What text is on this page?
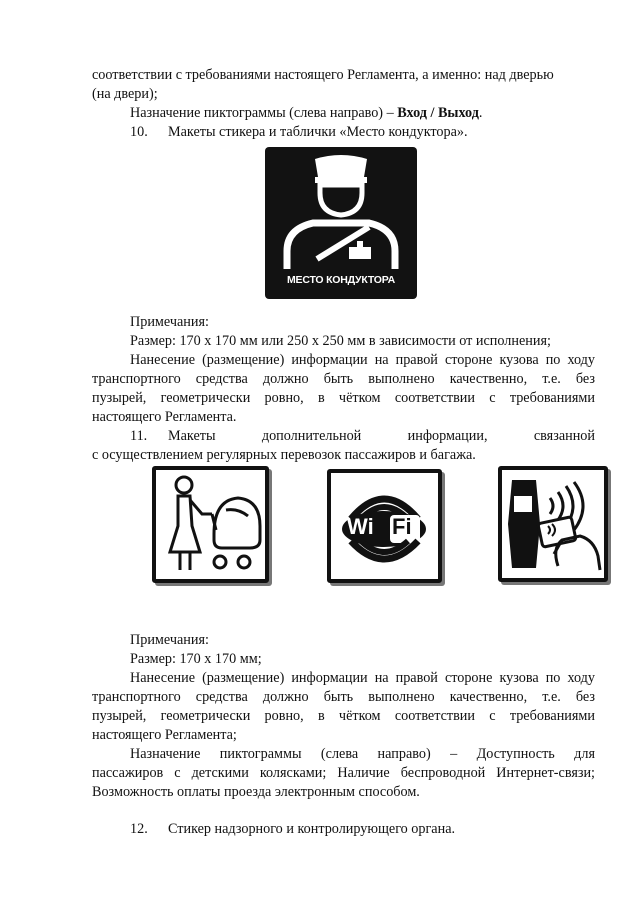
соответствии с требованиями настоящего Регламента, а именно: над дверью
(на двери);
Назначение пиктограммы (слева направо) – Вход / Выход.
10. Макеты стикера и таблички «Место кондуктора».
МЕСТО КОНДУКТОРА
Примечания:
Размер: 170 х 170 мм или 250 х 250 мм в зависимости от исполнения;
Нанесение (размещение) информации на правой стороне кузова по ходу
транспортного средства должно быть выполнено качественно, т.е. без
пузырей, геометрически ровно, в чётком соответствии с требованиями
настоящего Регламента.
11.	Макеты	дополнительной	информации,	связанной
с осуществлением регулярных перевозок пассажиров и багажа.
Wi Fi
Примечания:
Размер: 170 х 170 мм;
Нанесение (размещение) информации на правой стороне кузова по ходу
транспортного средства должно быть выполнено качественно, т.е. без
пузырей, геометрически ровно, в чётком соответствии с требованиями
настоящего Регламента;
Назначение пиктограммы (слева направо) – Доступность для
пассажиров с детскими колясками; Наличие беспроводной Интернет-связи;
Возможность оплаты проезда электронным способом.
12. Стикер надзорного и контролирующего органа.
